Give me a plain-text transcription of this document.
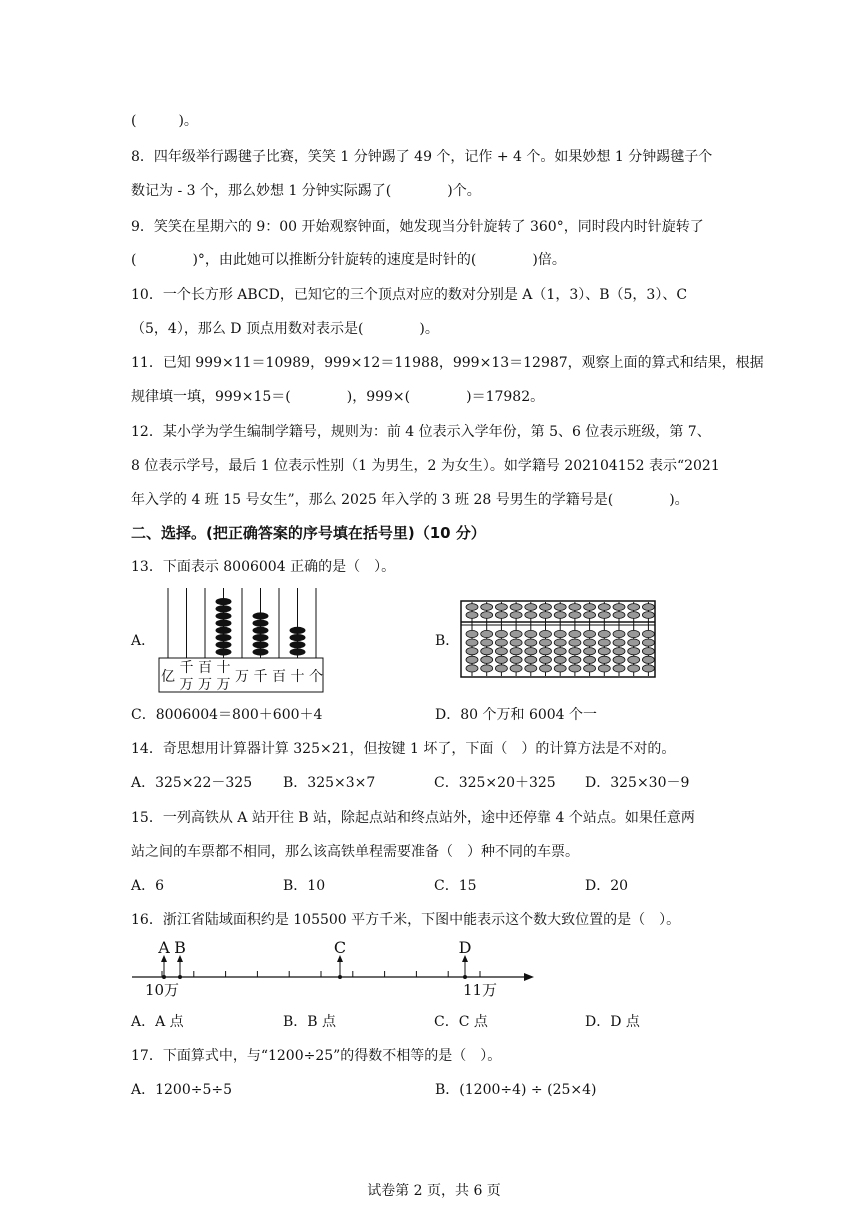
(　　　)。
8．四年级举行踢毽子比赛，笑笑 1 分钟踢了 49 个，记作 + 4 个。如果妙想 1 分钟踢毽子个
数记为 - 3 个，那么妙想 1 分钟实际踢了(　　　　)个。
9．笑笑在星期六的 9：00 开始观察钟面，她发现当分针旋转了 360°，同时段内时针旋转了
(　　　　)°，由此她可以推断分针旋转的速度是时针的(　　　　)倍。
10．一个长方形 ABCD，已知它的三个顶点对应的数对分别是 A（1，3）、B（5，3）、C
（5，4），那么 D 顶点用数对表示是(　　　　)。
11．已知 999×11＝10989，999×12＝11988，999×13＝12987，观察上面的算式和结果，根据
规律填一填，999×15＝(　　　　)，999×(　　　　)＝17982。
12．某小学为学生编制学籍号，规则为：前 4 位表示入学年份，第 5、6 位表示班级，第 7、
8 位表示学号，最后 1 位表示性别（1 为男生，2 为女生）。如学籍号 202104152 表示“2021
年入学的 4 班 15 号女生”，那么 2025 年入学的 3 班 28 号男生的学籍号是(　　　　)。
二、选择。(把正确答案的序号填在括号里)（10 分）
13．下面表示 8006004 正确的是（　）。
A．
亿
千
万
百
万
十
万 万 千 百 十 个
B．
C．8006004＝800＋600＋4	D．80 个万和 6004 个一
14．奇思想用计算器计算 325×21，但按键 1 坏了，下面（　）的计算方法是不对的。
A．325×22－325 B．325×3×7	C．325×20＋325 D．325×30－9
15．一列高铁从 A 站开往 B 站，除起点站和终点站外，途中还停靠 4 个站点。如果任意两
站之间的车票都不相同，那么该高铁单程需要准备（　）种不同的车票。
A．6	B．10	C．15	D．20
16．浙江省陆域面积约是 105500 平方千米，下图中能表示这个数大致位置的是（　）。
A B	C	D
10万	11万
A．A 点	B．B 点	C．C 点	D．D 点
17．下面算式中，与“1200÷25”的得数不相等的是（　）。
A．1200÷5÷5	B．(1200÷4) ÷ (25×4)
试卷第 2 页，共 6 页
